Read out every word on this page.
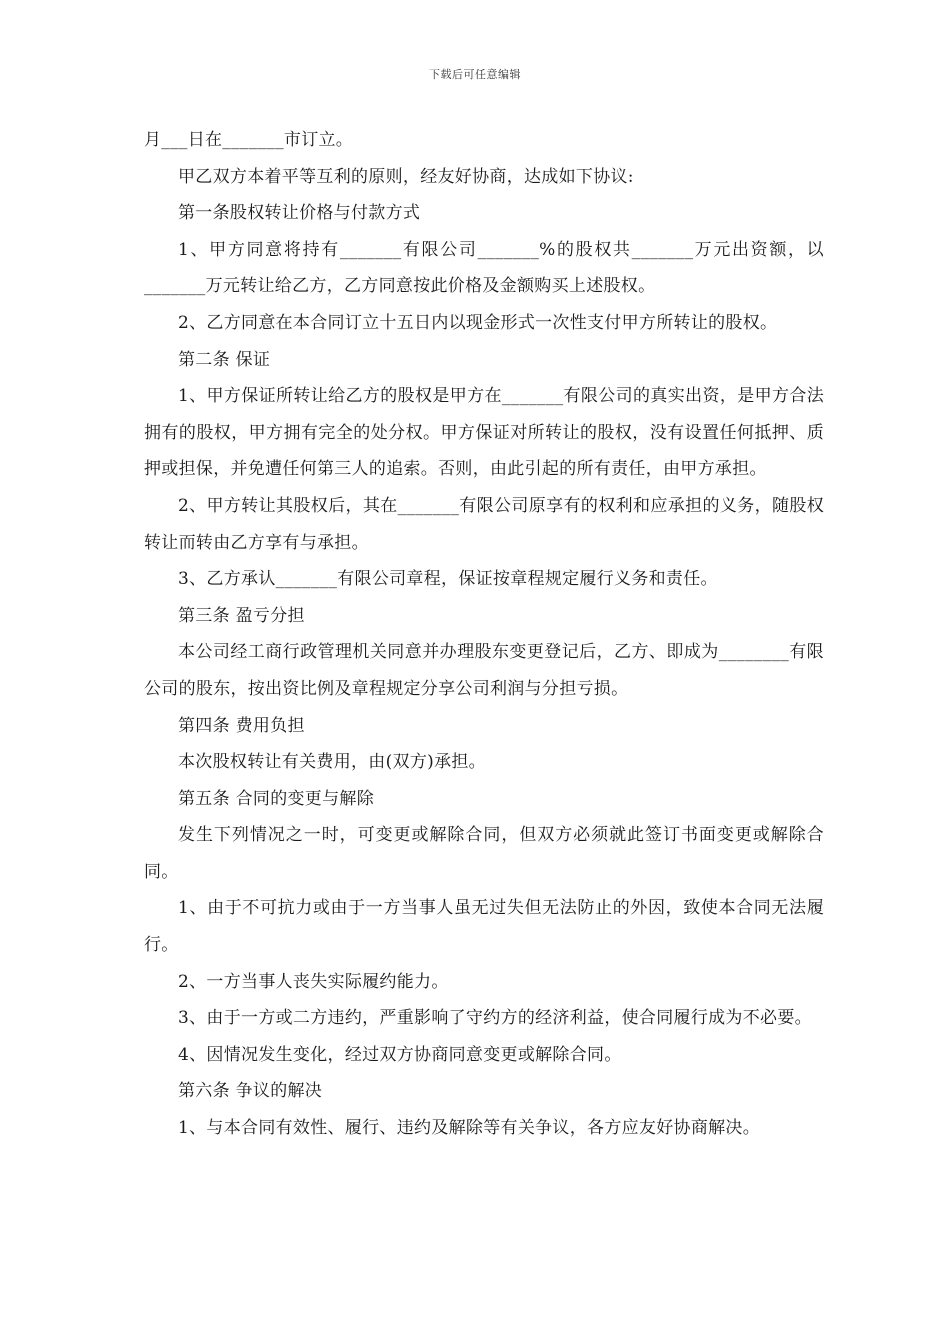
下载后可任意编辑

月___日在_______市订立。

甲乙双方本着平等互利的原则，经友好协商，达成如下协议:

第一条股权转让价格与付款方式

1、甲方同意将持有_______有限公司_______%的股权共_______万元出资额，以_______万元转让给乙方，乙方同意按此价格及金额购买上述股权。

2、乙方同意在本合同订立十五日内以现金形式一次性支付甲方所转让的股权。

第二条 保证

1、甲方保证所转让给乙方的股权是甲方在_______有限公司的真实出资，是甲方合法拥有的股权，甲方拥有完全的处分权。甲方保证对所转让的股权，没有设置任何抵押、质押或担保，并免遭任何第三人的追索。否则，由此引起的所有责任，由甲方承担。

2、甲方转让其股权后，其在_______有限公司原享有的权利和应承担的义务，随股权转让而转由乙方享有与承担。

3、乙方承认_______有限公司章程，保证按章程规定履行义务和责任。

第三条 盈亏分担

本公司经工商行政管理机关同意并办理股东变更登记后，乙方、即成为________有限公司的股东，按出资比例及章程规定分享公司利润与分担亏损。

第四条 费用负担

本次股权转让有关费用，由(双方)承担。

第五条 合同的变更与解除

发生下列情况之一时，可变更或解除合同，但双方必须就此签订书面变更或解除合同。

1、由于不可抗力或由于一方当事人虽无过失但无法防止的外因，致使本合同无法履行。

2、一方当事人丧失实际履约能力。

3、由于一方或二方违约，严重影响了守约方的经济利益，使合同履行成为不必要。

4、因情况发生变化，经过双方协商同意变更或解除合同。

第六条 争议的解决

1、与本合同有效性、履行、违约及解除等有关争议，各方应友好协商解决。
